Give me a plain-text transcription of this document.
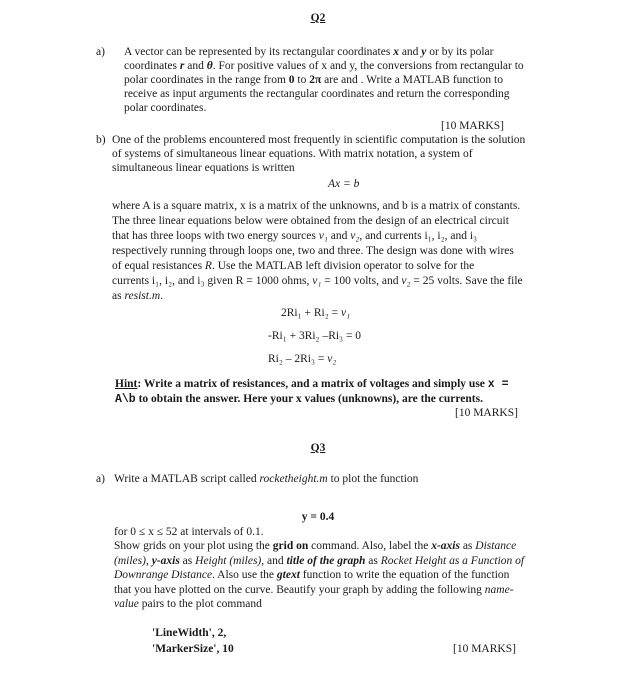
Q2
a) A vector can be represented by its rectangular coordinates x and y or by its polar
coordinates r and θ. For positive values of x and y, the conversions from rectangular to
polar coordinates in the range from 0 to 2π are and . Write a MATLAB function to
receive as input arguments the rectangular coordinates and return the corresponding
polar coordinates.
[10 MARKS]
b) One of the problems encountered most frequently in scientific computation is the solution
of systems of simultaneous linear equations. With matrix notation, a system of
simultaneous linear equations is written
Ax = b
where A is a square matrix, x is a matrix of the unknowns, and b is a matrix of constants.
The three linear equations below were obtained from the design of an electrical circuit
that has three loops with two energy sources v₁ and v₂, and currents i₁, i₂, and i₃
respectively running through loops one, two and three. The design was done with wires
of equal resistances R. Use the MATLAB left division operator to solve for the
currents i₁, i₂, and i₃ given R = 1000 ohms, v₁ = 100 volts, and v₂ = 25 volts. Save the file
as resist.m.
2Ri₁ + Ri₂ = v₁
-Ri₁ + 3Ri₂ –Ri₃ = 0
Ri₂ – 2Ri₃ = v₂
Hint: Write a matrix of resistances, and a matrix of voltages and simply use x =
A\b to obtain the answer. Here your x values (unknowns), are the currents.
[10 MARKS]
Q3
a) Write a MATLAB script called rocketheight.m to plot the function
y = 0.4
for 0 ≤ x ≤ 52 at intervals of 0.1.
Show grids on your plot using the grid on command. Also, label the x-axis as Distance
(miles), y-axis as Height (miles), and title of the graph as Rocket Height as a Function of
Downrange Distance. Also use the gtext function to write the equation of the function
that you have plotted on the curve. Beautify your graph by adding the following name-
value pairs to the plot command
'LineWidth', 2,
'MarkerSize', 10	[10 MARKS]
